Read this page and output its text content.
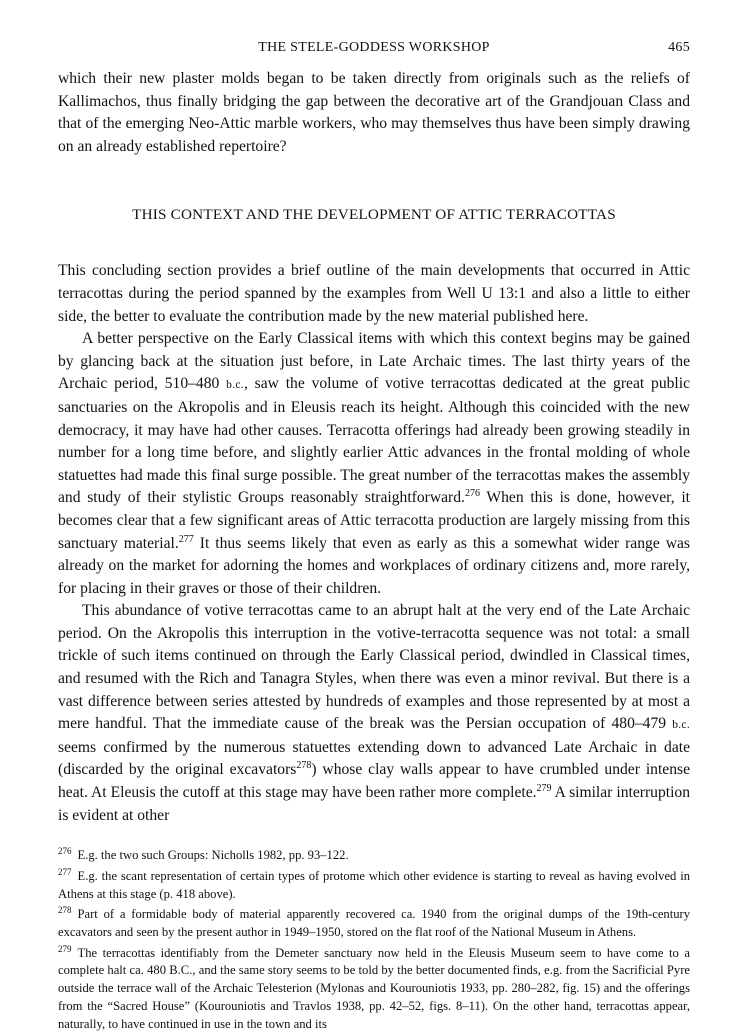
THE STELE-GODDESS WORKSHOP	465

which their new plaster molds began to be taken directly from originals such as the reliefs of Kallimachos, thus finally bridging the gap between the decorative art of the Grandjouan Class and that of the emerging Neo-Attic marble workers, who may themselves thus have been simply drawing on an already established repertoire?

THIS CONTEXT AND THE DEVELOPMENT OF ATTIC TERRACOTTAS

This concluding section provides a brief outline of the main developments that occurred in Attic terracottas during the period spanned by the examples from Well U 13:1 and also a little to either side, the better to evaluate the contribution made by the new material published here.

A better perspective on the Early Classical items with which this context begins may be gained by glancing back at the situation just before, in Late Archaic times. The last thirty years of the Archaic period, 510–480 b.c., saw the volume of votive terracottas dedicated at the great public sanctuaries on the Akropolis and in Eleusis reach its height. Although this coincided with the new democracy, it may have had other causes. Terracotta offerings had already been growing steadily in number for a long time before, and slightly earlier Attic advances in the frontal molding of whole statuettes had made this final surge possible. The great number of the terracottas makes the assembly and study of their stylistic Groups reasonably straightforward.$^{276}$ When this is done, however, it becomes clear that a few significant areas of Attic terracotta production are largely missing from this sanctuary material.$^{277}$ It thus seems likely that even as early as this a somewhat wider range was already on the market for adorning the homes and workplaces of ordinary citizens and, more rarely, for placing in their graves or those of their children.

This abundance of votive terracottas came to an abrupt halt at the very end of the Late Archaic period. On the Akropolis this interruption in the votive-terracotta sequence was not total: a small trickle of such items continued on through the Early Classical period, dwindled in Classical times, and resumed with the Rich and Tanagra Styles, when there was even a minor revival. But there is a vast difference between series attested by hundreds of examples and those represented by at most a mere handful. That the immediate cause of the break was the Persian occupation of 480–479 b.c. seems confirmed by the numerous statuettes extending down to advanced Late Archaic in date (discarded by the original excavators$^{278}$) whose clay walls appear to have crumbled under intense heat. At Eleusis the cutoff at this stage may have been rather more complete.$^{279}$ A similar interruption is evident at other

$^{276}$ E.g. the two such Groups: Nicholls 1982, pp. 93–122.

$^{277}$ E.g. the scant representation of certain types of protome which other evidence is starting to reveal as having evolved in Athens at this stage (p. 418 above).

$^{278}$ Part of a formidable body of material apparently recovered ca. 1940 from the original dumps of the 19th-century excavators and seen by the present author in 1949–1950, stored on the flat roof of the National Museum in Athens.

$^{279}$ The terracottas identifiably from the Demeter sanctuary now held in the Eleusis Museum seem to have come to a complete halt ca. 480 B.C., and the same story seems to be told by the better documented finds, e.g. from the Sacrificial Pyre outside the terrace wall of the Archaic Telesterion (Mylonas and Kourouniotis 1933, pp. 280–282, fig. 15) and the offerings from the “Sacred House” (Kourouniotis and Travlos 1938, pp. 42–52, figs. 8–11). On the other hand, terracottas appear, naturally, to have continued in use in the town and its
